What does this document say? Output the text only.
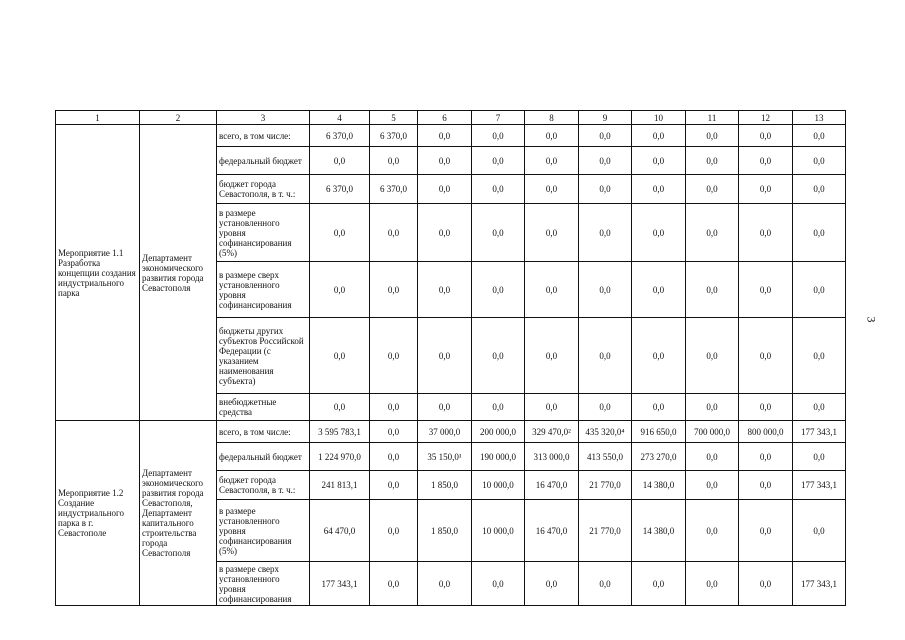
1	2	3	4	5	6	7	8	9	10	11	12	13
Мероприятие 1.1 Разработка концепции создания индустриального парка	Департамент экономического развития города Севастополя	всего, в том числе:	6 370,0	6 370,0	0,0	0,0	0,0	0,0	0,0	0,0	0,0	0,0
		федеральный бюджет	0,0	0,0	0,0	0,0	0,0	0,0	0,0	0,0	0,0	0,0
		бюджет города Севастополя, в т. ч.:	6 370,0	6 370,0	0,0	0,0	0,0	0,0	0,0	0,0	0,0	0,0
		в размере установленного уровня софинансирования (5%)	0,0	0,0	0,0	0,0	0,0	0,0	0,0	0,0	0,0	0,0
		в размере сверх установленного уровня софинансирования	0,0	0,0	0,0	0,0	0,0	0,0	0,0	0,0	0,0	0,0
		бюджеты других субъектов Российской Федерации (с указанием наименования субъекта)	0,0	0,0	0,0	0,0	0,0	0,0	0,0	0,0	0,0	0,0
		внебюджетные средства	0,0	0,0	0,0	0,0	0,0	0,0	0,0	0,0	0,0	0,0
Мероприятие 1.2 Создание индустриального парка в г. Севастополе	Департамент экономического развития города Севастополя, Департамент капитального строительства города Севастополя	всего, в том числе:	3 595 783,1	0,0	37 000,0	200 000,0	329 470,0²	435 320,0⁴	916 650,0	700 000,0	800 000,0	177 343,1
		федеральный бюджет	1 224 970,0	0,0	35 150,0¹	190 000,0	313 000,0	413 550,0	273 270,0	0,0	0,0	0,0
		бюджет города Севастополя, в т. ч.:	241 813,1	0,0	1 850,0	10 000,0	16 470,0	21 770,0	14 380,0	0,0	0,0	177 343,1
		в размере установленного уровня софинансирования (5%)	64 470,0	0,0	1 850,0	10 000,0	16 470,0	21 770,0	14 380,0	0,0	0,0	0,0
		в размере сверх установленного уровня софинансирования	177 343,1	0,0	0,0	0,0	0,0	0,0	0,0	0,0	0,0	177 343,1
3
